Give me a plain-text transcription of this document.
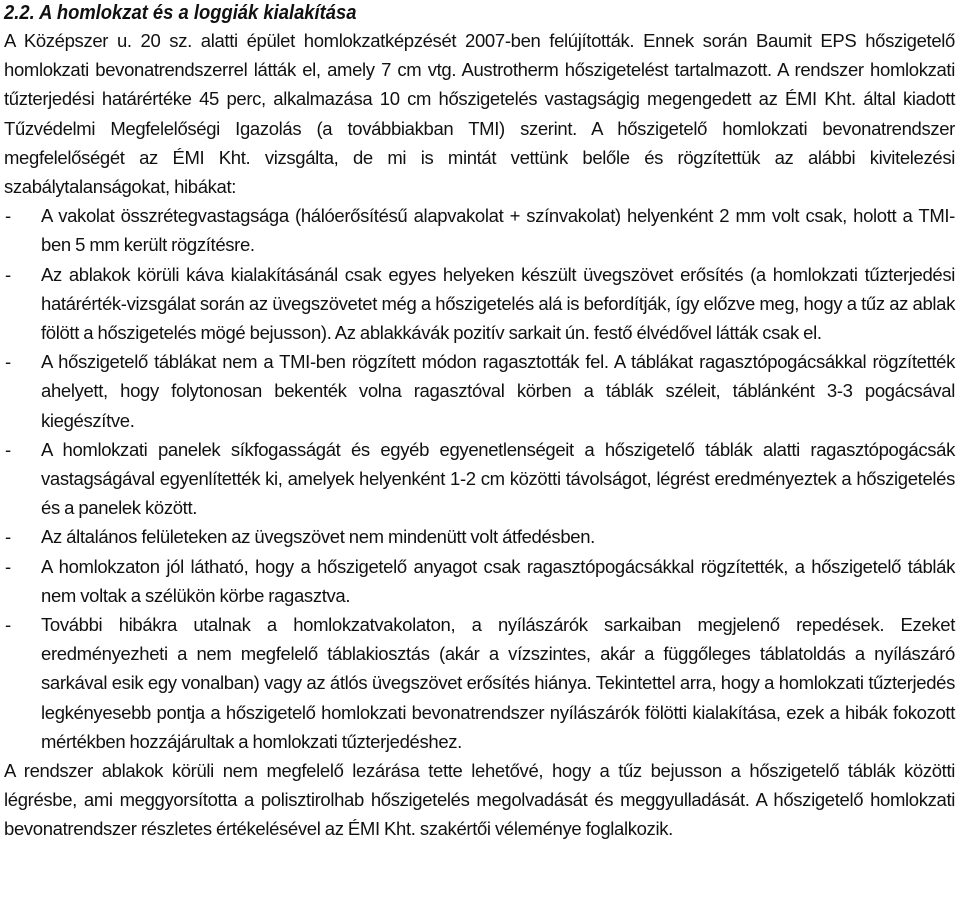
2.2. A homlokzat és a loggiák kialakítása

A Középszer u. 20 sz. alatti épület homlokzatképzését 2007-ben felújították. Ennek során Baumit EPS hőszigetelő homlokzati bevonatrendszerrel látták el, amely 7 cm vtg. Austrotherm hőszigetelést tartalmazott. A rendszer homlokzati tűzterjedési határértéke 45 perc, alkalmazása 10 cm hőszigetelés vastagságig megengedett az ÉMI Kht. által kiadott Tűzvédelmi Megfelelőségi Igazolás (a továbbiakban TMI) szerint. A hőszigetelő homlokzati bevonatrendszer megfelelőségét az ÉMI Kht. vizsgálta, de mi is mintát vettünk belőle és rögzítettük az alábbi kivitelezési szabálytalanságokat, hibákat:

- A vakolat összrétegvastagsága (hálóerősítésű alapvakolat + színvakolat) helyenként 2 mm volt csak, holott a TMI-ben 5 mm került rögzítésre.
- Az ablakok körüli káva kialakításánál csak egyes helyeken készült üvegszövet erősítés (a homlokzati tűzterjedési határérték-vizsgálat során az üvegszövetet még a hőszigetelés alá is befordítják, így előzve meg, hogy a tűz az ablak fölött a hőszigetelés mögé bejusson). Az ablakkávák pozitív sarkait ún. festő élvédővel látták csak el.
- A hőszigetelő táblákat nem a TMI-ben rögzített módon ragasztották fel. A táblákat ragasztópogácsákkal rögzítették ahelyett, hogy folytonosan bekenték volna ragasztóval körben a táblák széleit, táblánként 3-3 pogácsával kiegészítve.
- A homlokzati panelek síkfogasságát és egyéb egyenetlenségeit a hőszigetelő táblák alatti ragasztópogácsák vastagságával egyenlítették ki, amelyek helyenként 1-2 cm közötti távolságot, légrést eredményeztek a hőszigetelés és a panelek között.
- Az általános felületeken az üvegszövet nem mindenütt volt átfedésben.
- A homlokzaton jól látható, hogy a hőszigetelő anyagot csak ragasztópogácsákkal rögzítették, a hőszigetelő táblák nem voltak a szélükön körbe ragasztva.
- További hibákra utalnak a homlokzatvakolaton, a nyílászárók sarkaiban megjelenő repedések. Ezeket eredményezheti a nem megfelelő táblakiosztás (akár a vízszintes, akár a függőleges táblatoldás a nyílászáró sarkával esik egy vonalban) vagy az átlós üvegszövet erősítés hiánya. Tekintettel arra, hogy a homlokzati tűzterjedés legkényesebb pontja a hőszigetelő homlokzati bevonatrendszer nyílászárók fölötti kialakítása, ezek a hibák fokozott mértékben hozzájárultak a homlokzati tűzterjedéshez.

A rendszer ablakok körüli nem megfelelő lezárása tette lehetővé, hogy a tűz bejusson a hőszigetelő táblák közötti légrésbe, ami meggyorsította a polisztirolhab hőszigetelés megolvadását és meggyulladását. A hőszigetelő homlokzati bevonatrendszer részletes értékelésével az ÉMI Kht. szakértői véleménye foglalkozik.
